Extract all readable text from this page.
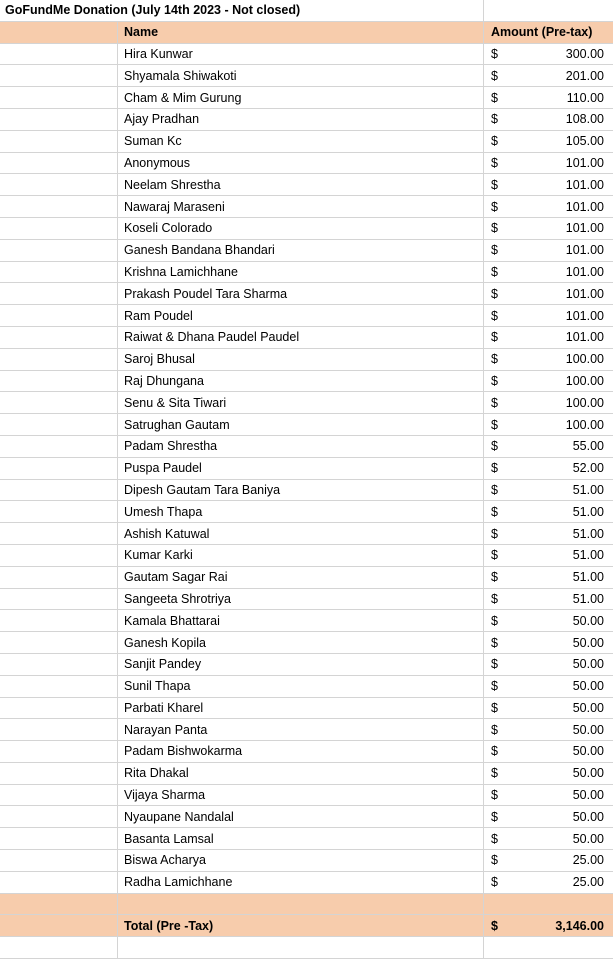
GoFundMe Donation (July 14th 2023 - Not closed)
Name	Amount (Pre-tax)
Hira Kunwar	$	300.00
Shyamala Shiwakoti	$	201.00
Cham & Mim Gurung	$	110.00
Ajay Pradhan	$	108.00
Suman Kc	$	105.00
Anonymous	$	101.00
Neelam Shrestha	$	101.00
Nawaraj Maraseni	$	101.00
Koseli Colorado	$	101.00
Ganesh Bandana Bhandari	$	101.00
Krishna Lamichhane	$	101.00
Prakash Poudel Tara Sharma	$	101.00
Ram Poudel	$	101.00
Raiwat & Dhana Paudel Paudel	$	101.00
Saroj Bhusal	$	100.00
Raj Dhungana	$	100.00
Senu & Sita Tiwari	$	100.00
Satrughan Gautam	$	100.00
Padam Shrestha	$	55.00
Puspa Paudel	$	52.00
Dipesh Gautam Tara Baniya	$	51.00
Umesh Thapa	$	51.00
Ashish Katuwal	$	51.00
Kumar Karki	$	51.00
Gautam Sagar Rai	$	51.00
Sangeeta Shrotriya	$	51.00
Kamala Bhattarai	$	50.00
Ganesh Kopila	$	50.00
Sanjit Pandey	$	50.00
Sunil Thapa	$	50.00
Parbati Kharel	$	50.00
Narayan Panta	$	50.00
Padam Bishwokarma	$	50.00
Rita Dhakal	$	50.00
Vijaya Sharma	$	50.00
Nyaupane Nandalal	$	50.00
Basanta Lamsal	$	50.00
Biswa Acharya	$	25.00
Radha Lamichhane	$	25.00
Total (Pre -Tax)	$	3,146.00
